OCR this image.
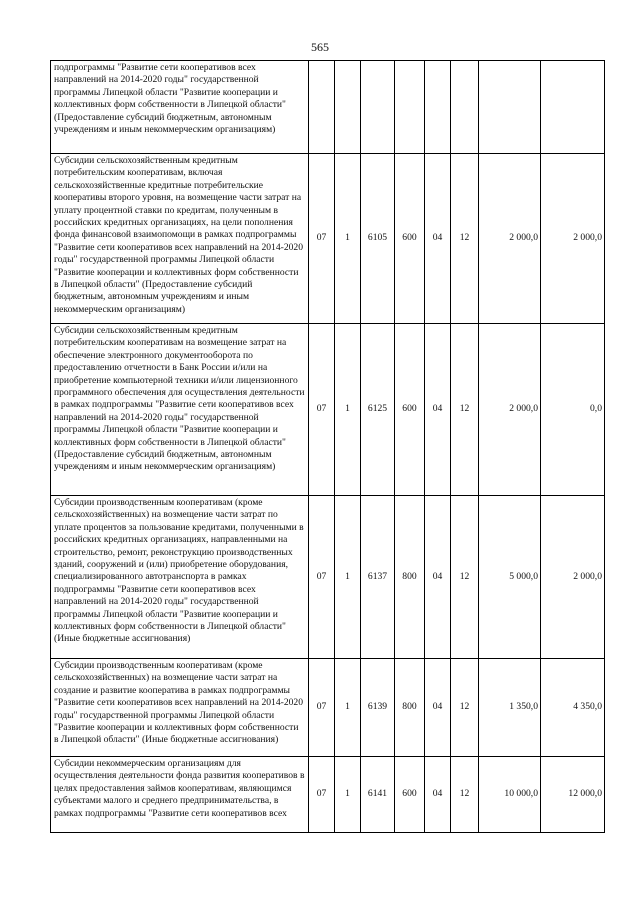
565
подпрограммы "Развитие сети кооперативов всех направлений на 2014-2020 годы" государственной программы Липецкой области "Развитие кооперации и коллективных форм собственности в Липецкой области" (Предоставление субсидий бюджетным, автономным учреждениям и иным некоммерческим организациям)								
Субсидии сельскохозяйственным кредитным потребительским кооперативам, включая сельскохозяйственные кредитные потребительские кооперативы второго уровня, на возмещение части затрат на уплату процентной ставки по кредитам, полученным в российских кредитных организациях, на цели пополнения фонда финансовой взаимопомощи в рамках подпрограммы "Развитие сети кооперативов всех направлений на 2014-2020 годы" государственной программы Липецкой области "Развитие кооперации и коллективных форм собственности в Липецкой области" (Предоставление субсидий бюджетным, автономным учреждениям и иным некоммерческим организациям)	07	1	6105	600	04	12	2 000,0	2 000,0
Субсидии сельскохозяйственным кредитным потребительским кооперативам на возмещение затрат на обеспечение электронного документооборота по предоставлению отчетности в Банк России и/или на приобретение компьютерной техники и/или лицензионного программного обеспечения для осуществления деятельности в рамках подпрограммы "Развитие сети кооперативов всех направлений на 2014-2020 годы" государственной программы Липецкой области "Развитие кооперации и коллективных форм собственности в Липецкой области" (Предоставление субсидий бюджетным, автономным учреждениям и иным некоммерческим организациям)	07	1	6125	600	04	12	2 000,0	0,0
Субсидии производственным кооперативам (кроме сельскохозяйственных) на возмещение части затрат по уплате процентов за пользование кредитами, полученными в российских кредитных организациях, направленными на строительство, ремонт, реконструкцию производственных зданий, сооружений и (или) приобретение оборудования, специализированного автотранспорта в рамках подпрограммы "Развитие сети кооперативов всех направлений на 2014-2020 годы" государственной программы Липецкой области "Развитие кооперации и коллективных форм собственности в Липецкой области" (Иные бюджетные ассигнования)	07	1	6137	800	04	12	5 000,0	2 000,0
Субсидии производственным кооперативам (кроме сельскохозяйственных) на возмещение части затрат на создание и развитие кооператива в рамках подпрограммы "Развитие сети кооперативов всех направлений на 2014-2020 годы" государственной программы Липецкой области "Развитие кооперации и коллективных форм собственности в Липецкой области" (Иные бюджетные ассигнования)	07	1	6139	800	04	12	1 350,0	4 350,0
Субсидии некоммерческим организациям для осуществления деятельности фонда развития кооперативов в целях предоставления займов кооперативам, являющимся субъектами малого и среднего предпринимательства, в рамках подпрограммы "Развитие сети кооперативов всех	07	1	6141	600	04	12	10 000,0	12 000,0
